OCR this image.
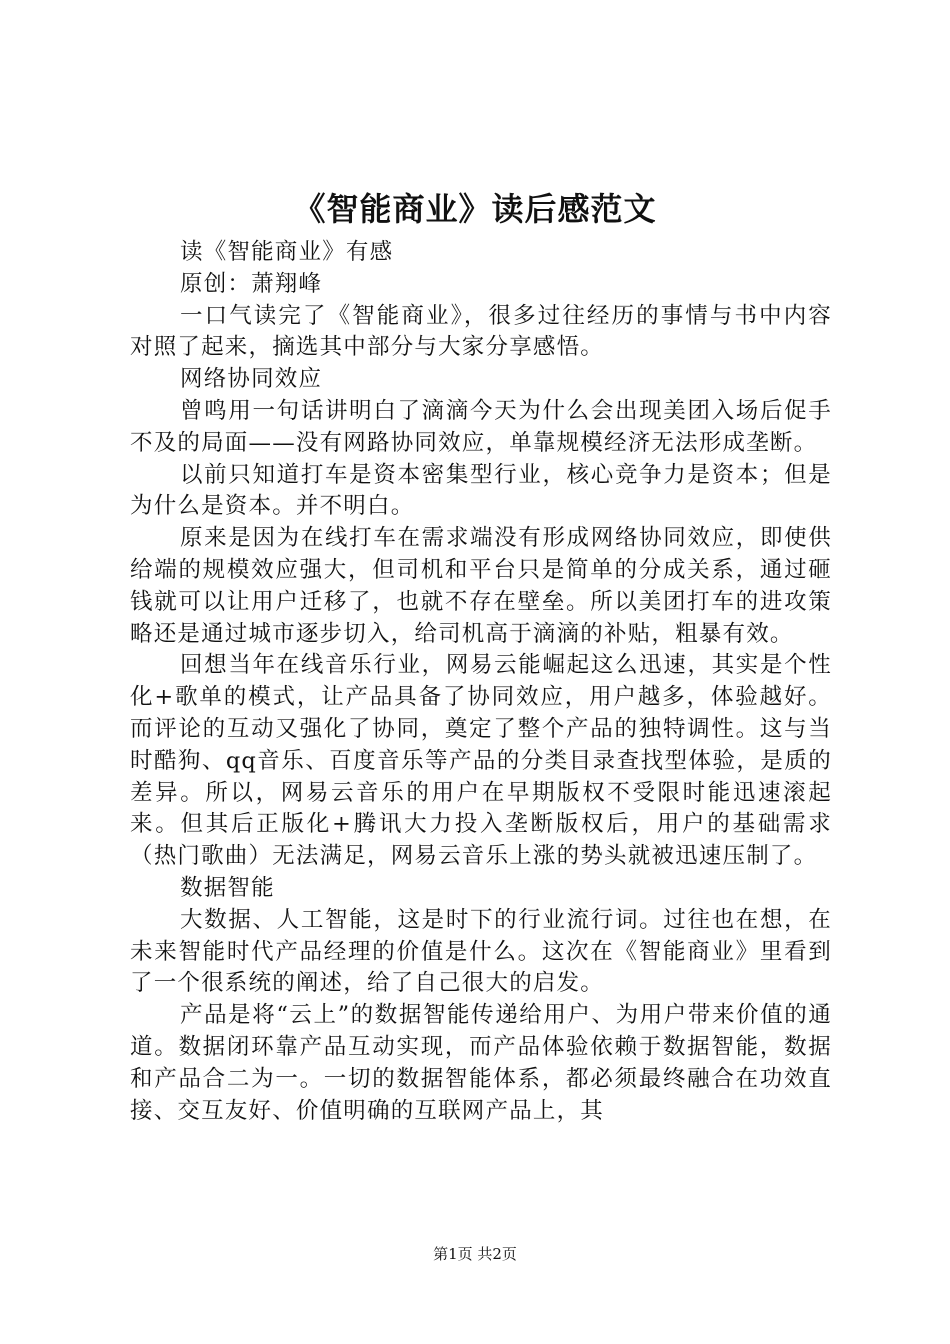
《智能商业》读后感范文

读《智能商业》有感

原创：萧翔峰

一口气读完了《智能商业》，很多过往经历的事情与书中内容对照了起来，摘选其中部分与大家分享感悟。

网络协同效应

曾鸣用一句话讲明白了滴滴今天为什么会出现美团入场后促手不及的局面——没有网路协同效应，单靠规模经济无法形成垄断。

以前只知道打车是资本密集型行业，核心竞争力是资本；但是为什么是资本。并不明白。

原来是因为在线打车在需求端没有形成网络协同效应，即使供给端的规模效应强大，但司机和平台只是简单的分成关系，通过砸钱就可以让用户迁移了，也就不存在壁垒。所以美团打车的进攻策略还是通过城市逐步切入，给司机高于滴滴的补贴，粗暴有效。

回想当年在线音乐行业，网易云能崛起这么迅速，其实是个性化+歌单的模式，让产品具备了协同效应，用户越多，体验越好。而评论的互动又强化了协同，奠定了整个产品的独特调性。这与当时酷狗、qq音乐、百度音乐等产品的分类目录查找型体验，是质的差异。所以，网易云音乐的用户在早期版权不受限时能迅速滚起来。但其后正版化+腾讯大力投入垄断版权后，用户的基础需求（热门歌曲）无法满足，网易云音乐上涨的势头就被迅速压制了。

数据智能

大数据、人工智能，这是时下的行业流行词。过往也在想，在未来智能时代产品经理的价值是什么。这次在《智能商业》里看到了一个很系统的阐述，给了自己很大的启发。

产品是将“云上”的数据智能传递给用户、为用户带来价值的通道。数据闭环靠产品互动实现，而产品体验依赖于数据智能，数据和产品合二为一。一切的数据智能体系，都必须最终融合在功效直接、交互友好、价值明确的互联网产品上，其

第1页 共2页
